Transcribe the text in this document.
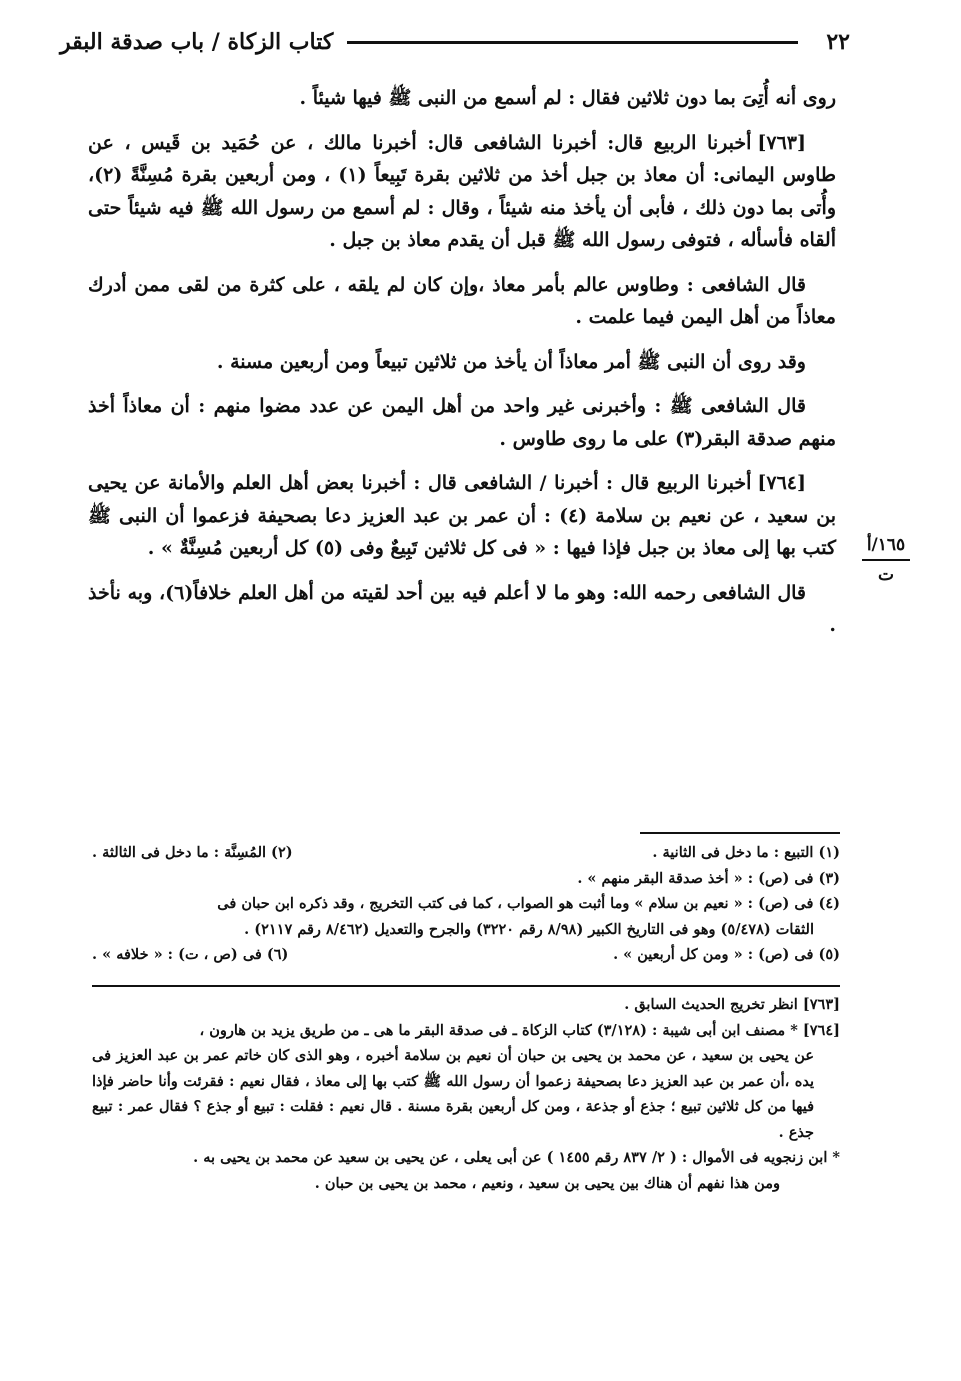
٢٢
كتاب الزكاة / باب صدقة البقر
١٦٥/أ
ت

روى أنه أُتِىَ بما دون ثلاثين فقال : لم أسمع من النبى ﷺ فيها شيئاً .

[٧٦٣]أخبرنا الربيع قال: أخبرنا الشافعى قال: أخبرنا مالك ، عن حُمَيد بن قَيس ، عن طاوس اليمانى: أن معاذ بن جبل أخذ من ثلاثين بقرة تَبِيعاً (١) ، ومن أربعين بقرة مُسِنَّةً (٢)، وأُتى بما دون ذلك ، فأبى أن يأخذ منه شيئاً ، وقال : لم أسمع من رسول الله ﷺ فيه شيئاً حتى ألقاه فأسأله ، فتوفى رسول الله ﷺ قبل أن يقدم معاذ بن جبل .

قال الشافعى : وطاوس عالم بأمر معاذ ،وإن كان لم يلقه ، على كثرة من لقى ممن أدرك معاذاً من أهل اليمن فيما علمت .

وقد روى أن النبى ﷺ أمر معاذاً أن يأخذ من ثلاثين تبيعاً ومن أربعين مسنة .

قال الشافعى ﷺ : وأخبرنى غير واحد من أهل اليمن عن عدد مضوا منهم : أن معاذاً أخذ منهم صدقة البقر(٣) على ما روى طاوس .

[٧٦٤]أخبرنا الربيع قال : أخبرنا / الشافعى قال : أخبرنا بعض أهل العلم والأمانة عن يحيى بن سعيد ، عن نعيم بن سلامة (٤) : أن عمر بن عبد العزيز دعا بصحيفة فزعموا أن النبى ﷺ كتب بها إلى معاذ بن جبل فإذا فيها : « فى كل ثلاثين تَبِيعٌ وفى (٥) كل أربعين مُسِنَّةٌ » .

قال الشافعى رحمه الله: وهو ما لا أعلم فيه بين أحد لقيته من أهل العلم خلافاً(٦)، وبه نأخذ .

(١) التبيع : ما دخل فى الثانية .
(٢) المُسِنَّة : ما دخل فى الثالثة .
(٣) فى (ص) : « أخذ صدقة البقر منهم » .
(٤) فى (ص) : « نعيم بن سلام » وما أثبت هو الصواب ، كما فى كتب التخريج ، وقد ذكره ابن حبان فى
الثقات (٥/٤٧٨) وهو فى التاريخ الكبير (٨/٩٨ رقم ٣٢٢٠) والجرح والتعديل (٨/٤٦٢ رقم ٢١١٧) .
(٥) فى (ص) : « ومن كل أربعين » .
(٦) فى (ص ، ت) : « خلافه » .
[٧٦٣] انظر تخريج الحديث السابق .
[٧٦٤] * مصنف ابن أبى شيبة : (٣/١٢٨) كتاب الزكاة ـ فى صدقة البقر ما هى ـ من طريق يزيد بن هارون ،
عن يحيى بن سعيد ، عن محمد بن يحيى بن حبان أن نعيم بن سلامة أخبره ، وهو الذى كان خاتم عمر بن عبد العزيز فى يده ،أن عمر بن عبد العزيز دعا بصحيفة زعموا أن رسول الله ﷺ كتب بها إلى معاذ ، فقال نعيم : فقرئت وأنا حاضر فإذا فيها من كل ثلاثين تبيع ؛ جذع أو جذعة ، ومن كل أربعين بقرة مسنة . قال نعيم : فقلت : تبيع أو جذع ؟ فقال عمر : تبيع جذع .
* ابن زنجويه فى الأموال : ( ٢/ ٨٣٧ رقم ١٤٥٥ ) عن أبى يعلى ، عن يحيى بن سعيد عن محمد بن يحيى به .
ومن هذا نفهم أن هناك بين يحيى بن سعيد ، ونعيم ، محمد بن يحيى بن حبان .
